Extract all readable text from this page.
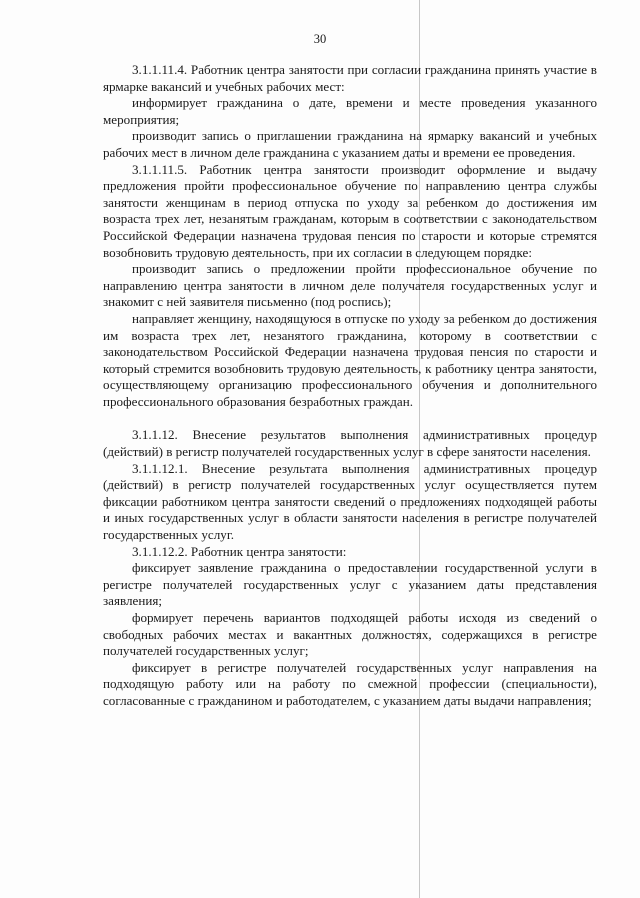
30

3.1.1.11.4. Работник центра занятости при согласии гражданина принять участие в ярмарке вакансий и учебных рабочих мест:

информирует гражданина о дате, времени и месте проведения указанного мероприятия;

производит запись о приглашении гражданина на ярмарку вакансий и учебных рабочих мест в личном деле гражданина с указанием даты и времени ее проведения.

3.1.1.11.5. Работник центра занятости производит оформление и выдачу предложения пройти профессиональное обучение по направлению центра службы занятости женщинам в период отпуска по уходу за ребенком до достижения им возраста трех лет, незанятым гражданам, которым в соответствии с законодательством Российской Федерации назначена трудовая пенсия по старости и которые стремятся возобновить трудовую деятельность, при их согласии в следующем порядке:

производит запись о предложении пройти профессиональное обучение по направлению центра занятости в личном деле получателя государственных услуг и знакомит с ней заявителя письменно (под роспись);

направляет женщину, находящуюся в отпуске по уходу за ребенком до достижения им возраста трех лет, незанятого гражданина, которому в соответствии с законодательством Российской Федерации назначена трудовая пенсия по старости и который стремится возобновить трудовую деятельность, к работнику центра занятости, осуществляющему организацию профессионального обучения и дополнительного профессионального образования безработных граждан.

3.1.1.12. Внесение результатов выполнения административных процедур (действий) в регистр получателей государственных услуг в сфере занятости населения.

3.1.1.12.1. Внесение результата выполнения административных процедур (действий) в регистр получателей государственных услуг осуществляется путем фиксации работником центра занятости сведений о предложениях подходящей работы и иных государственных услуг в области занятости населения в регистре получателей государственных услуг.

3.1.1.12.2. Работник центра занятости:

фиксирует заявление гражданина о предоставлении государственной услуги в регистре получателей государственных услуг с указанием даты представления заявления;

формирует перечень вариантов подходящей работы исходя из сведений о свободных рабочих местах и вакантных должностях, содержащихся в регистре получателей государственных услуг;

фиксирует в регистре получателей государственных услуг направления на подходящую работу или на работу по смежной профессии (специальности), согласованные с гражданином и работодателем, с указанием даты выдачи направления;
